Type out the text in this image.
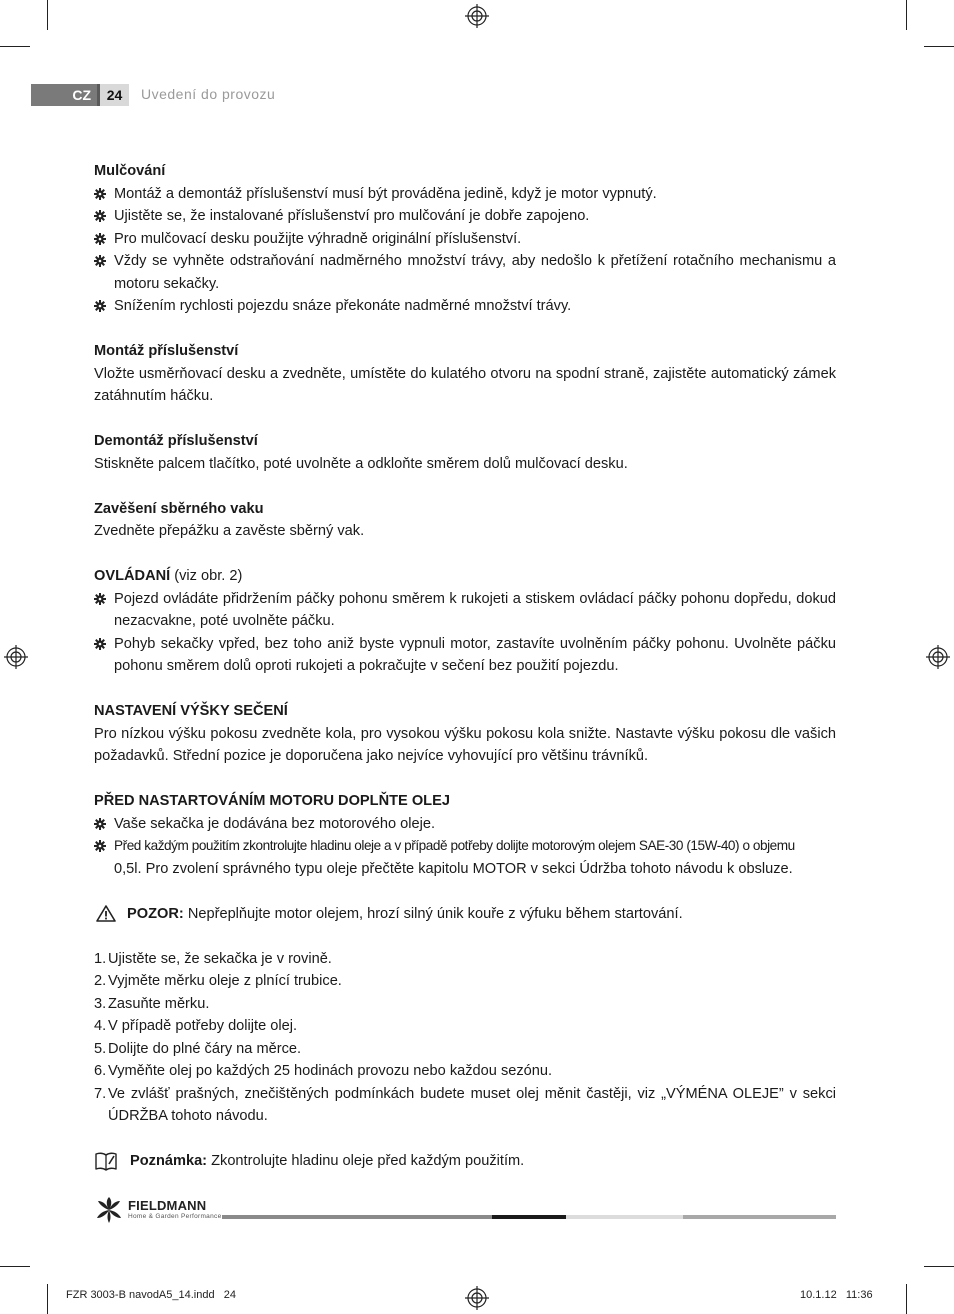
CZ	24	Uvedení do provozu

Mulčování

Montáž a demontáž příslušenství musí být prováděna jedině, když je motor vypnutý.
Ujistěte se, že instalované příslušenství pro mulčování je dobře zapojeno.
Pro mulčovací desku použijte výhradně originální příslušenství.
Vždy se vyhněte odstraňování nadměrného množství trávy, aby nedošlo k přetížení rotačního mechanismu a motoru sekačky.
Snížením rychlosti pojezdu snáze překonáte nadměrné množství trávy.

Montáž příslušenství

Vložte usměrňovací desku a zvedněte, umístěte do kulatého otvoru na spodní straně, zajistěte automatický zámek zatáhnutím háčku.

Demontáž příslušenství

Stiskněte palcem tlačítko, poté uvolněte a odkloňte směrem dolů mulčovací desku.

Zavěšení sběrného vaku

Zvedněte přepážku a zavěste sběrný vak.

OVLÁDANÍ (viz obr. 2)

Pojezd ovládáte přidržením páčky pohonu směrem k rukojeti a stiskem ovládací páčky pohonu dopředu, dokud nezacvakne, poté uvolněte páčku.
Pohyb sekačky vpřed, bez toho aniž byste vypnuli motor, zastavíte uvolněním páčky pohonu. Uvolněte páčku pohonu směrem dolů oproti rukojeti a pokračujte v sečení bez použití pojezdu.

NASTAVENÍ VÝŠKY SEČENÍ

Pro nízkou výšku pokosu zvedněte kola, pro vysokou výšku pokosu kola snižte. Nastavte výšku pokosu dle vašich požadavků. Střední pozice je doporučena jako nejvíce vyhovující pro většinu trávníků.

PŘED NASTARTOVÁNÍM MOTORU DOPLŇTE OLEJ

Vaše sekačka je dodávána bez motorového oleje.
Před každým použitím zkontrolujte hladinu oleje a v případě potřeby dolijte motorovým olejem SAE-30 (15W-40) o objemu
0,5l. Pro zvolení správného typu oleje přečtěte kapitolu MOTOR v sekci Údržba tohoto návodu k obsluze.
POZOR: Nepřeplňujte motor olejem, hrozí silný únik kouře z výfuku během startování.
1. Ujistěte se, že sekačka je v rovině.
2. Vyjměte měrku oleje z plnící trubice.
3. Zasuňte měrku.
4. V případě potřeby dolijte olej.
5. Dolijte do plné čáry na měrce.
6. Vyměňte olej po každých 25 hodinách provozu nebo každou sezónu.
7. Ve zvlášť prašných, znečištěných podmínkách budete muset olej měnit častěji, viz „VÝMÉNA OLEJE” v sekci ÚDRŽBA tohoto návodu.
Poznámka: Zkontrolujte hladinu oleje před každým použitím.
FIELDMANN
Home & Garden Performance
FZR 3003-B navodA5_14.indd   24	10.1.12   11:36
